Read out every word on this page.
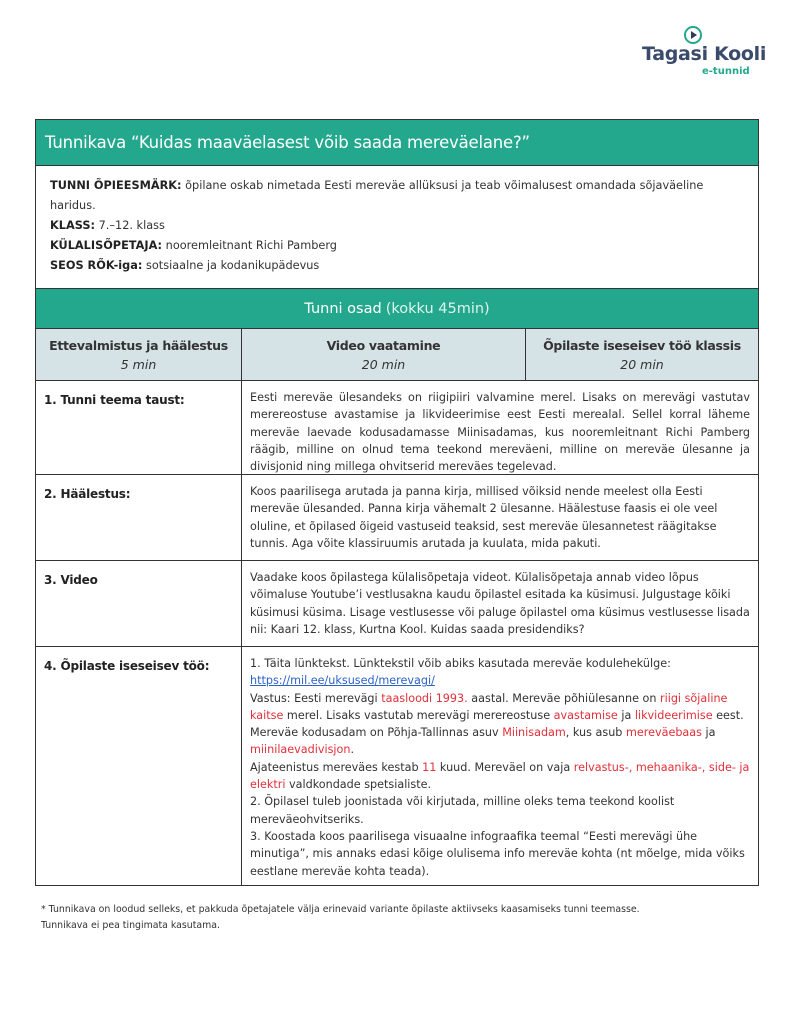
Tagasi Kooli
e-tunnid
Tunnikava “Kuidas maaväelasest võib saada mereväelane?”
TUNNI ÕPIEESMÄRK: õpilane oskab nimetada Eesti mereväe allüksusi ja teab võimalusest omandada sõjaväeline haridus.
KLASS: 7.–12. klass
KÜLALISÕPETAJA: nooremleitnant Richi Pamberg
SEOS RÕK-iga: sotsiaalne ja kodanikupädevus
Tunni osad (kokku 45min)
Ettevalmistus ja häälestus
5 min
Video vaatamine
20 min
Õpilaste iseseisev töö klassis
20 min
1. Tunni teema taust:	Eesti mereväe ülesandeks on riigipiiri valvamine merel. Lisaks on merevägi vastutav merereostuse avastamise ja likvideerimise eest Eesti merealal. Sellel korral läheme mereväe laevade kodusadamasse Miinisadamas, kus nooremleitnant Richi Pamberg räägib, milline on olnud tema teekond mereväeni, milline on mereväe ülesanne ja divisjonid ning millega ohvitserid mereväes tegelevad.
2. Häälestus:	Koos paarilisega arutada ja panna kirja, millised võiksid nende meelest olla Eesti mereväe ülesanded. Panna kirja vähemalt 2 ülesanne. Häälestuse faasis ei ole veel oluline, et õpilased õigeid vastuseid teaksid, sest mereväe ülesannetest räägitakse tunnis. Aga võite klassiruumis arutada ja kuulata, mida pakuti.
3. Video	Vaadake koos õpilastega külalisõpetaja videot. Külalisõpetaja annab video lõpus võimaluse Youtube’i vestlusakna kaudu õpilastel esitada ka küsimusi. Julgustage kõiki küsimusi küsima. Lisage vestlusesse või paluge õpilastel oma küsimus vestlusesse lisada nii: Kaari 12. klass, Kurtna Kool. Kuidas saada presidendiks?
4. Õpilaste iseseisev töö:	1. Täita lünktekst. Lünktekstil võib abiks kasutada mereväe kodulehekülge:
https://mil.ee/uksused/merevagi/
Vastus: Eesti merevägi taasloodi 1993. aastal. Mereväe põhiülesanne on riigi sõjaline kaitse merel. Lisaks vastutab merevägi merereostuse avastamise ja likvideerimise eest. Mereväe kodusadam on Põhja-Tallinnas asuv Miinisadam, kus asub mereväebaas ja miinilaevadivisjon.
Ajateenistus mereväes kestab 11 kuud. Mereväel on vaja relvastus-, mehaanika-, side- ja elektri valdkondade spetsialiste.
2. Õpilasel tuleb joonistada või kirjutada, milline oleks tema teekond koolist mereväeohvitseriks.
3. Koostada koos paarilisega visuaalne infograafika teemal “Eesti merevägi ühe minutiga”, mis annaks edasi kõige olulisema info mereväe kohta (nt mõelge, mida võiks eestlane mereväe kohta teada).
* Tunnikava on loodud selleks, et pakkuda õpetajatele välja erinevaid variante õpilaste aktiivseks kaasamiseks tunni teemasse.
Tunnikava ei pea tingimata kasutama.
